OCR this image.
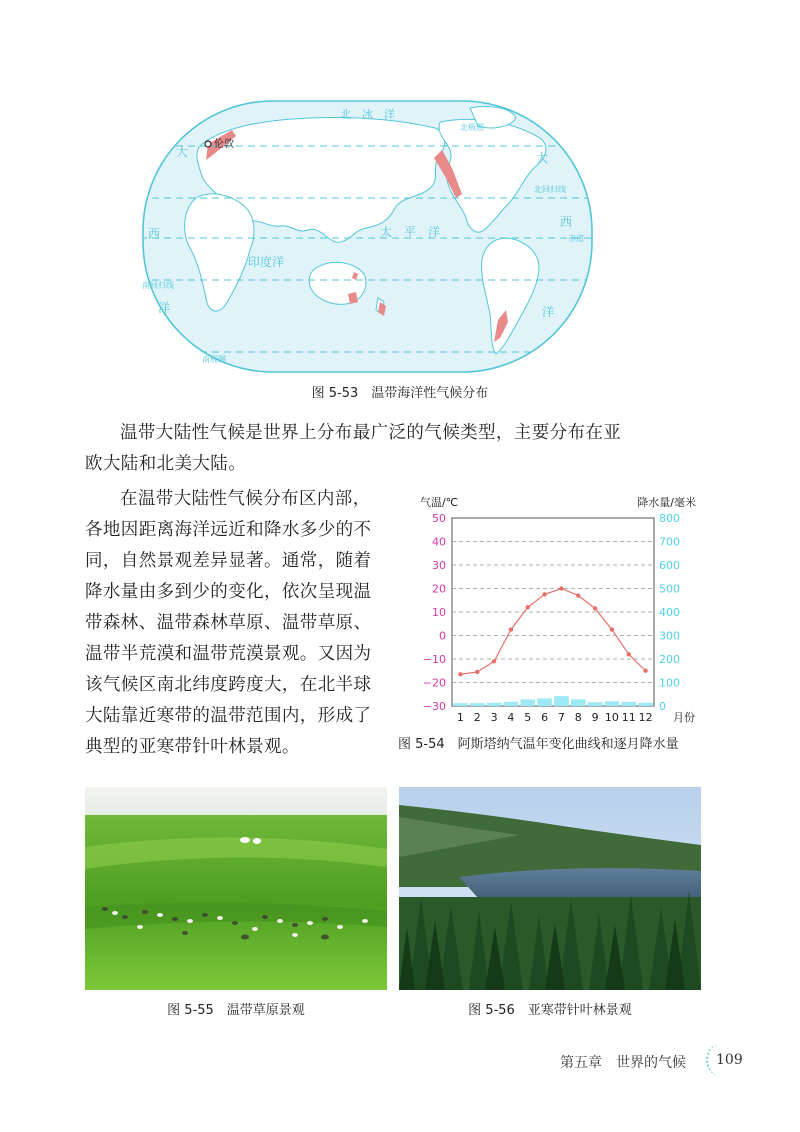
伦敦
北　冰　洋
大
西
洋
大
西
洋
太　平　洋
印度洋
北极圈
北回归线
赤道
南回归线
南极圈
图 5-53　温带海洋性气候分布
温带大陆性气候是世界上分布最广泛的气候类型，主要分布在亚
欧大陆和北美大陆。
在温带大陆性气候分布区内部，
各地因距离海洋远近和降水多少的不
同，自然景观差异显著。通常，随着
降水量由多到少的变化，依次呈现温
带森林、温带森林草原、温带草原、
温带半荒漠和温带荒漠景观。又因为
该气候区南北纬度跨度大，在北半球
大陆靠近寒带的温带范围内，形成了
典型的亚寒带针叶林景观。
气温/℃	降水量/毫米
月份
50	800
40	700
30	600
20	500
10	400
0	300
−10	200
−20	100
−30	0
1 2 3 4 5 6 7 8 9 10 11 12
图 5-54　阿斯塔纳气温年变化曲线和逐月降水量
图 5-55　温带草原景观	图 5-56　亚寒带针叶林景观
第五章　世界的气候 109
